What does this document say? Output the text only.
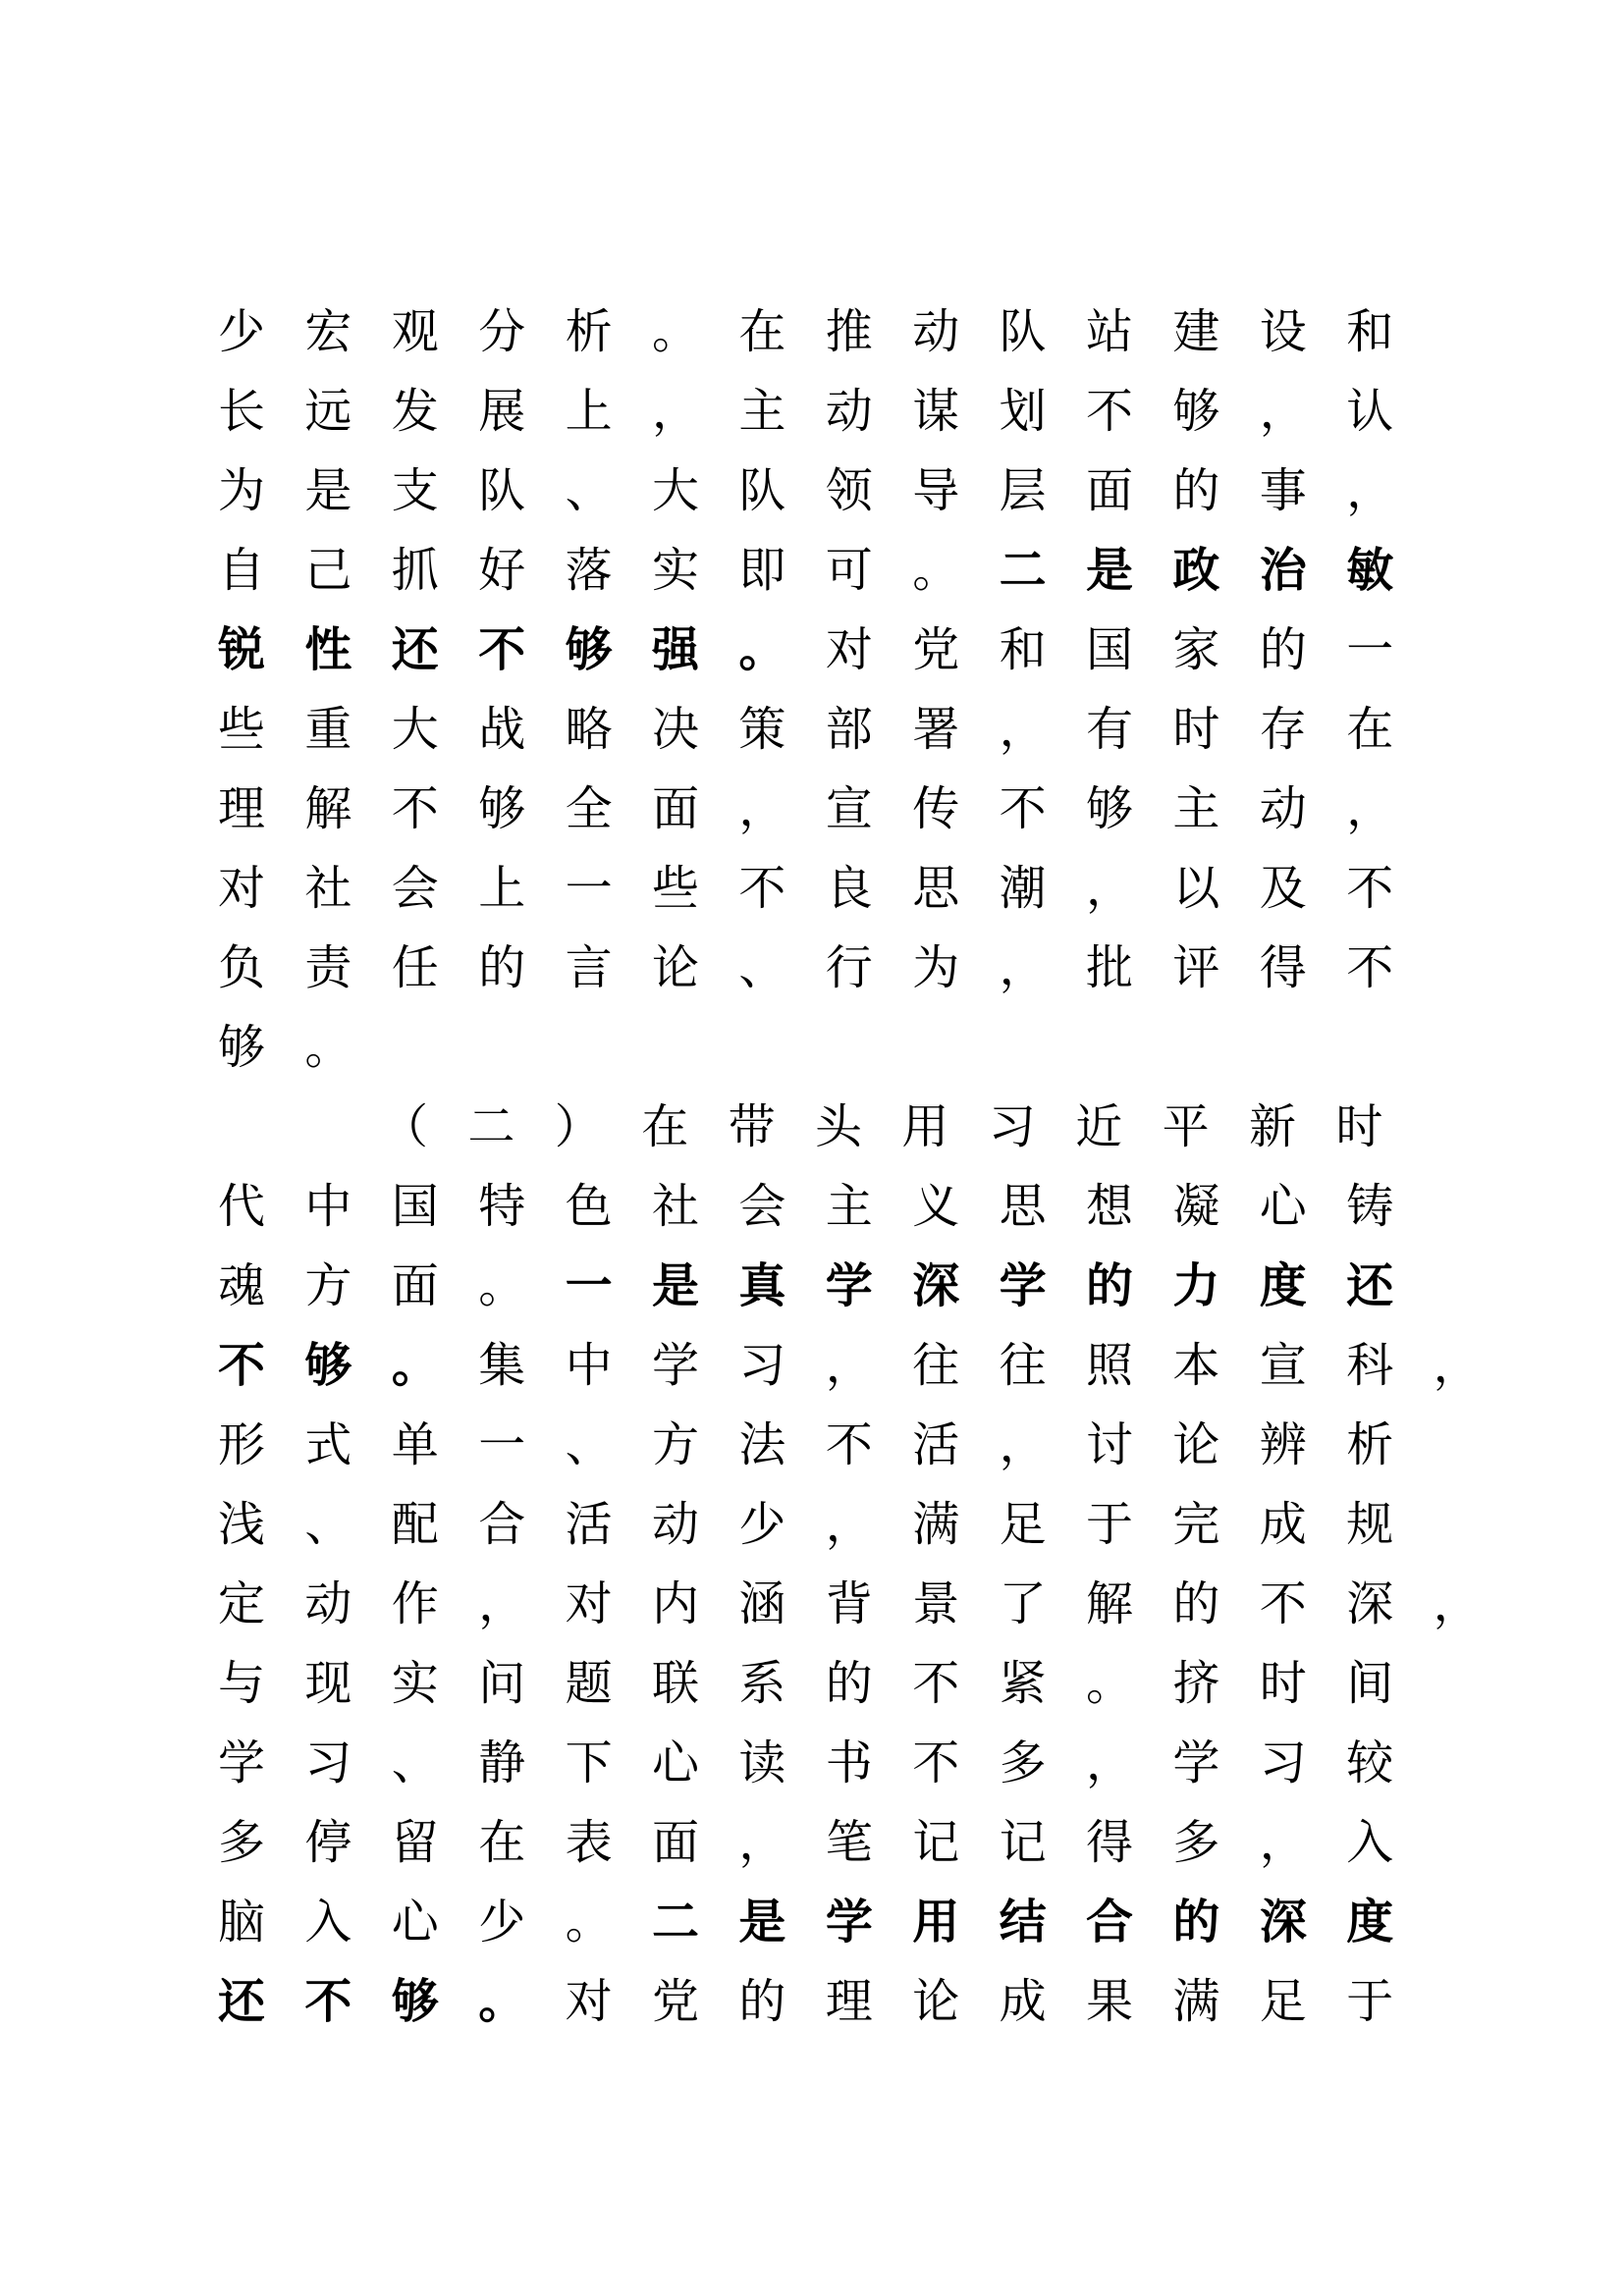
少宏观分析。在推动队站建设和
长远发展上，主动谋划不够，认
为是支队、大队领导层面的事，
自己抓好落实即可。二是政治敏
锐性还不够强。对党和国家的一
些重大战略决策部署，有时存在
理解不够全面，宣传不够主动，
对社会上一些不良思潮，以及不
负责任的言论、行为，批评得不
够。
（二）在带头用习近平新时
代中国特色社会主义思想凝心铸
魂方面。一是真学深学的力度还
不够。集中学习，往往照本宣科，
形式单一、方法不活，讨论辨析
浅、配合活动少，满足于完成规
定动作，对内涵背景了解的不深，
与现实问题联系的不紧。挤时间
学习、静下心读书不多，学习较
多停留在表面，笔记记得多，入
脑入心少。二是学用结合的深度
还不够。对党的理论成果满足于
